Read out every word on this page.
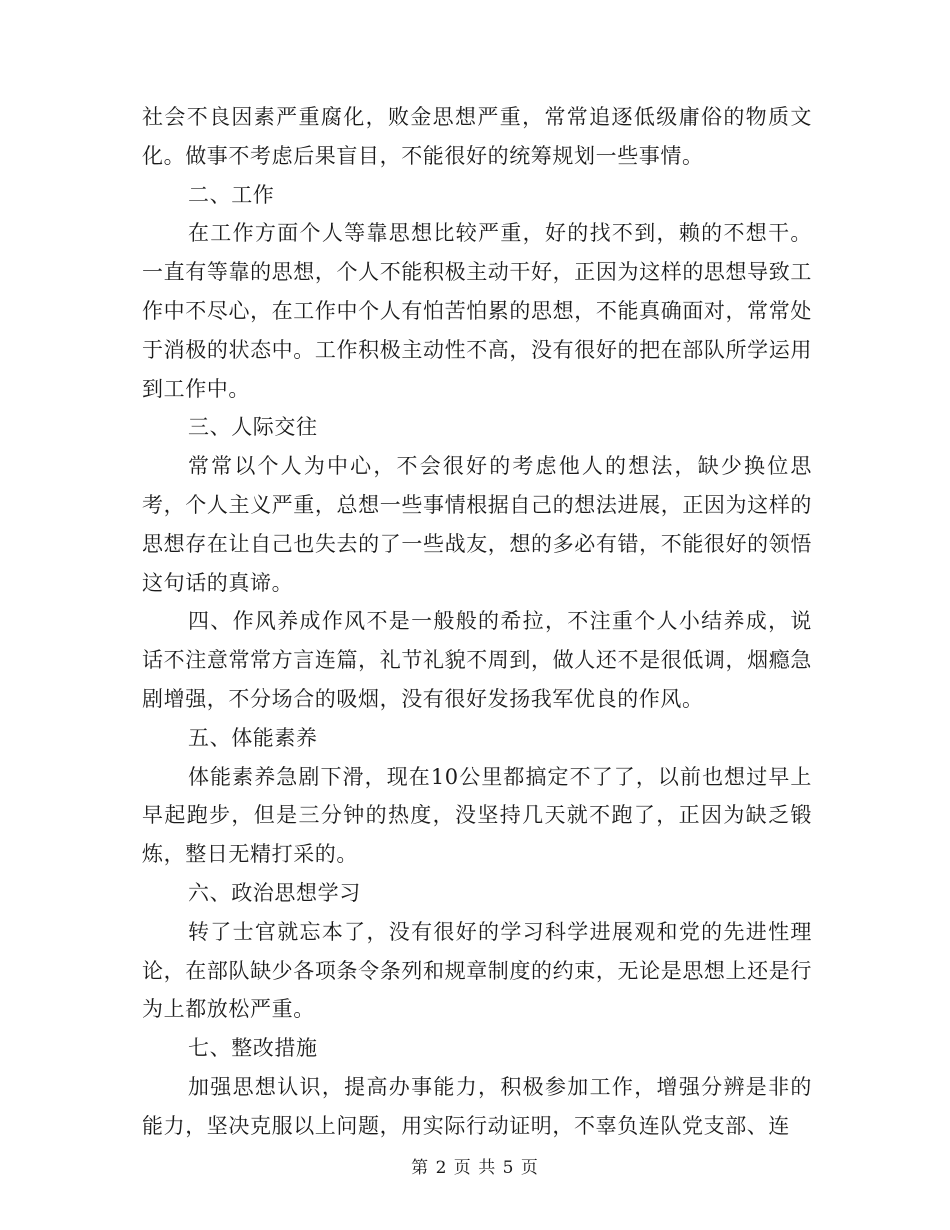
社会不良因素严重腐化，败金思想严重，常常追逐低级庸俗的物质文化。做事不考虑后果盲目，不能很好的统筹规划一些事情。

二、工作

在工作方面个人等靠思想比较严重，好的找不到，赖的不想干。一直有等靠的思想，个人不能积极主动干好，正因为这样的思想导致工作中不尽心，在工作中个人有怕苦怕累的思想，不能真确面对，常常处于消极的状态中。工作积极主动性不高，没有很好的把在部队所学运用到工作中。

三、人际交往

常常以个人为中心，不会很好的考虑他人的想法，缺少换位思考，个人主义严重，总想一些事情根据自己的想法进展，正因为这样的思想存在让自己也失去的了一些战友，想的多必有错，不能很好的领悟这句话的真谛。

四、作风养成作风不是一般般的希拉，不注重个人小结养成，说话不注意常常方言连篇，礼节礼貌不周到，做人还不是很低调，烟瘾急剧增强，不分场合的吸烟，没有很好发扬我军优良的作风。

五、体能素养

体能素养急剧下滑，现在10公里都搞定不了了，以前也想过早上早起跑步，但是三分钟的热度，没坚持几天就不跑了，正因为缺乏锻炼，整日无精打采的。

六、政治思想学习

转了士官就忘本了，没有很好的学习科学进展观和党的先进性理论，在部队缺少各项条令条列和规章制度的约束，无论是思想上还是行为上都放松严重。

七、整改措施

加强思想认识，提高办事能力，积极参加工作，增强分辨是非的能力，坚决克服以上问题，用实际行动证明，不辜负连队党支部、连

第 2 页 共 5 页
